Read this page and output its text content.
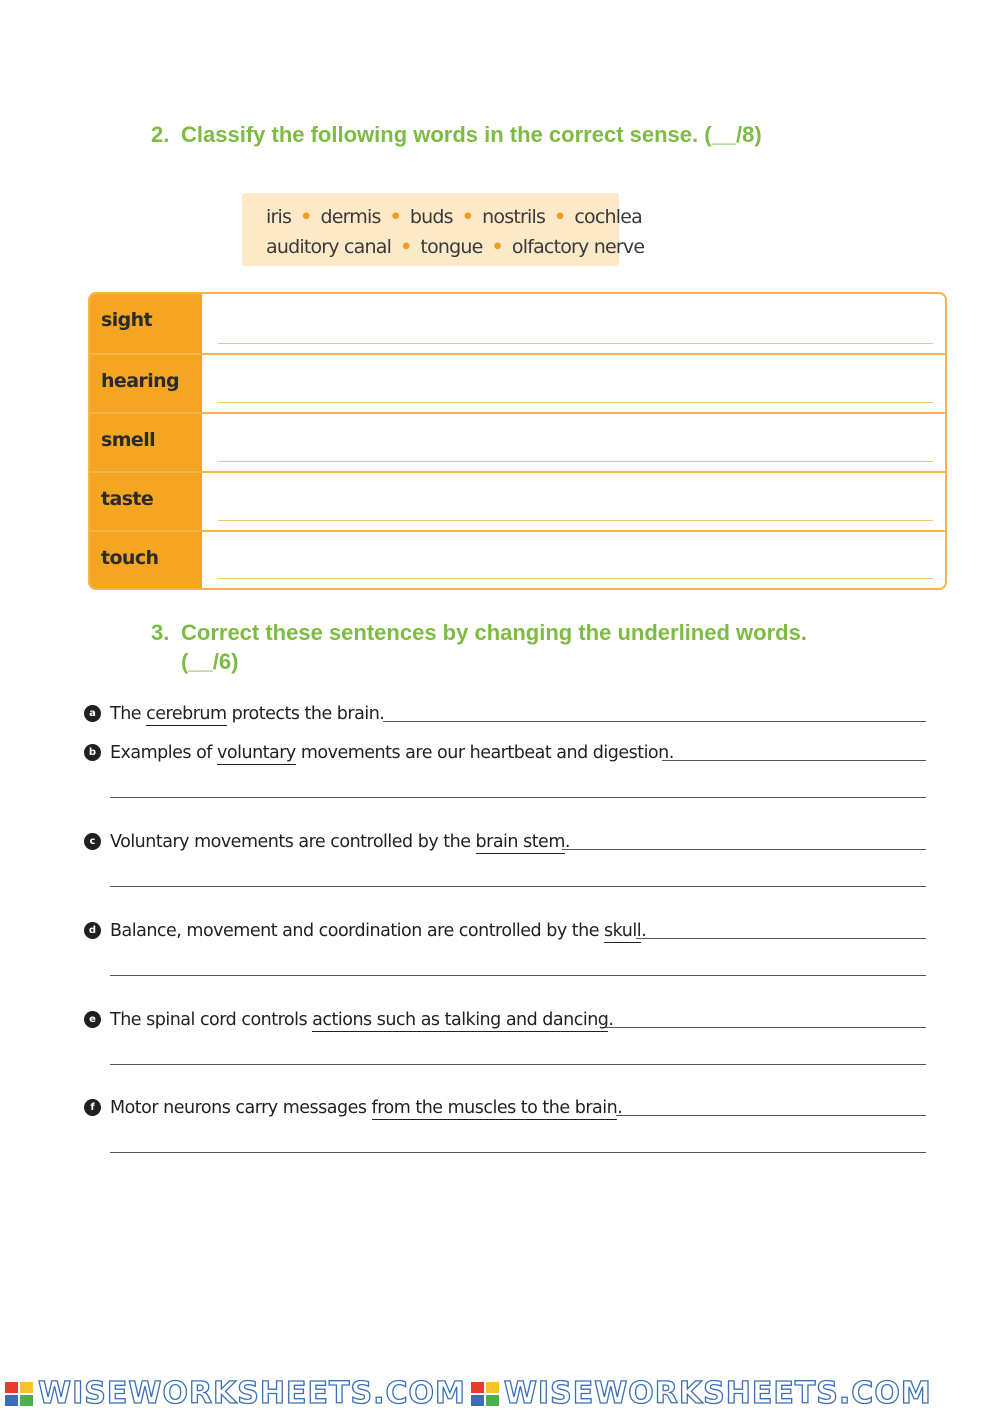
2. Classify the following words in the correct sense. (__/8)
iris • dermis • buds • nostrils • cochlea
auditory canal • tongue • olfactory nerve
sight
hearing
smell
taste
touch
3. Correct these sentences by changing the underlined words.
(__/6)
a The cerebrum protects the brain.
b Examples of voluntary movements are our heartbeat and digestion.
c Voluntary movements are controlled by the brain stem.
d Balance, movement and coordination are controlled by the skull.
e The spinal cord controls actions such as talking and dancing.
f Motor neurons carry messages from the muscles to the brain.
WISEWORKSHEETS.COM WISEWORKSHEETS.COM
